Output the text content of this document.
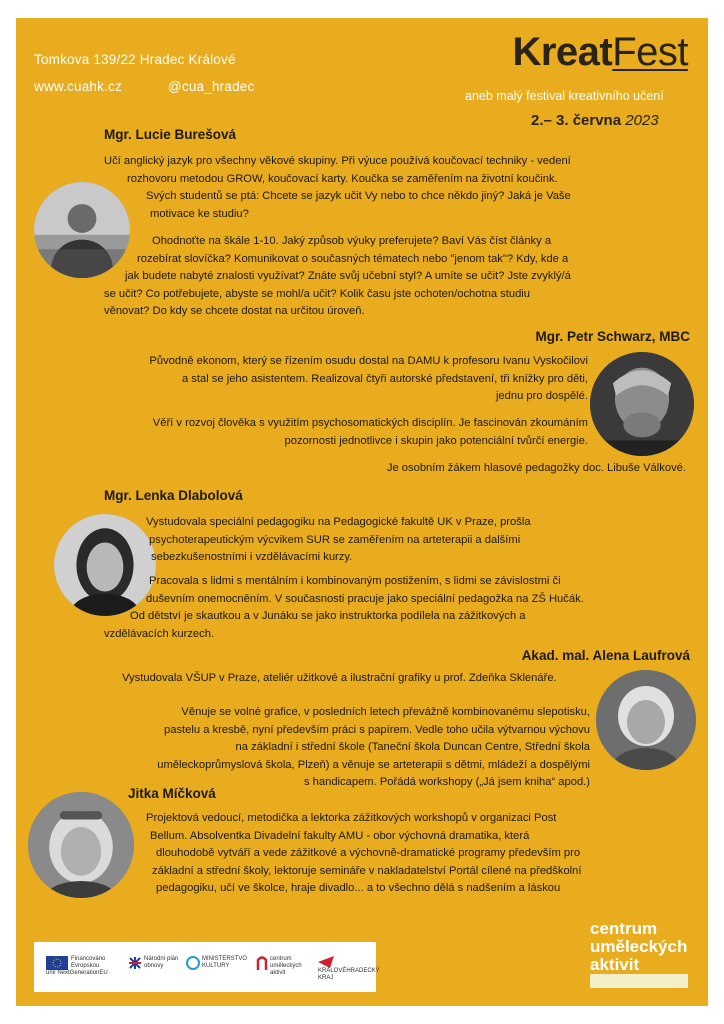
Tomkova 139/22 Hradec Králové
www.cuahk.cz	@cua_hradec
KreatFest
aneb malý festival kreativního učení
2.– 3. června 2023
Mgr. Lucie Burešová
Učí anglický jazyk pro všechny věkové skupiny. Při výuce používá koučovací techniky - vedení
rozhovoru metodou GROW, koučovací karty. Koučka se zaměřením na životní koučink.
Svých studentů se ptá: Chcete se jazyk učit Vy nebo to chce někdo jiný? Jaká je Vaše
motivace ke studiu?
Ohodnoťte na škále 1-10. Jaký způsob výuky preferujete? Baví Vás číst články a
rozebírat slovíčka? Komunikovat o současných tématech nebo "jenom tak"? Kdy, kde a
jak budete nabyté znalosti využívat? Znáte svůj učební styl? A umíte se učit? Jste zvyklý/á
se učit? Co potřebujete, abyste se mohl/a učit? Kolik času jste ochoten/ochotna studiu
věnovat? Do kdy se chcete dostat na určitou úroveň.
Mgr. Petr Schwarz, MBC
Původně ekonom, který se řízením osudu dostal na DAMU k profesoru Ivanu Vyskočilovi
a stal se jeho asistentem. Realizoval čtyři autorské představení, tři knížky pro děti,
jednu pro dospělé.
Věří v rozvoj člověka s využitím psychosomatických disciplín. Je fascinován zkoumáním
pozornosti jednotlivce i skupin jako potenciální tvůrčí energie.
Je osobním žákem hlasové pedagožky doc. Libuše Válkové.
Mgr. Lenka Dlabolová
Vystudovala speciální pedagogiku na Pedagogické fakultě UK v Praze, prošla
psychoterapeutickým výcvikem SUR se zaměřením na arteterapii a dalšími
sebezkušenostními i vzdělávacími kurzy.
Pracovala s lidmi s mentálním i kombinovaným postižením, s lidmi se závislostmi či
duševním onemocněním. V současnosti pracuje jako speciální pedagožka na ZŠ Hučák.
Od dětství je skautkou a v Junáku se jako instruktorka podílela na zážitkových a
vzdělávacích kurzech.
Akad. mal. Alena Laufrová
Vystudovala VŠUP v Praze, ateliér užitkové a ilustrační grafiky u prof. Zdeňka Sklenáře.
Věnuje se volné grafice, v posledních letech převážně kombinovanému slepotisku,
pastelu a kresbě, nyní především práci s papírem. Vedle toho učila výtvarnou výchovu
na základní i střední škole (Taneční škola Duncan Centre, Střední škola
uměleckoprůmyslová škola, Plzeň) a věnuje se arteterapii s dětmi, mládeží a dospělými
s handicapem. Pořádá workshopy („Já jsem kniha“ apod.)
Jitka Míčková
Projektová vedoucí, metodička a lektorka zážitkových workshopů v organizaci Post
Bellum. Absolventka Divadelní fakulty AMU - obor výchovná dramatika, která
dlouhodobě vytváří a vede zážitkové a výchovně-dramatické programy především pro
základní a střední školy, lektoruje semináře v nakladatelství Portál cílené na předškolní
pedagogiku, učí ve školce, hraje divadlo... a to všechno dělá s nadšením a láskou
Financováno Evropskou unií NextGenerationEU
Národní plán obnovy
MINISTERSTVO KULTURY
centrum uměleckých aktivit	KRÁLOVÉHRADECKÝ KRAJ
centrum
uměleckých
aktivit
